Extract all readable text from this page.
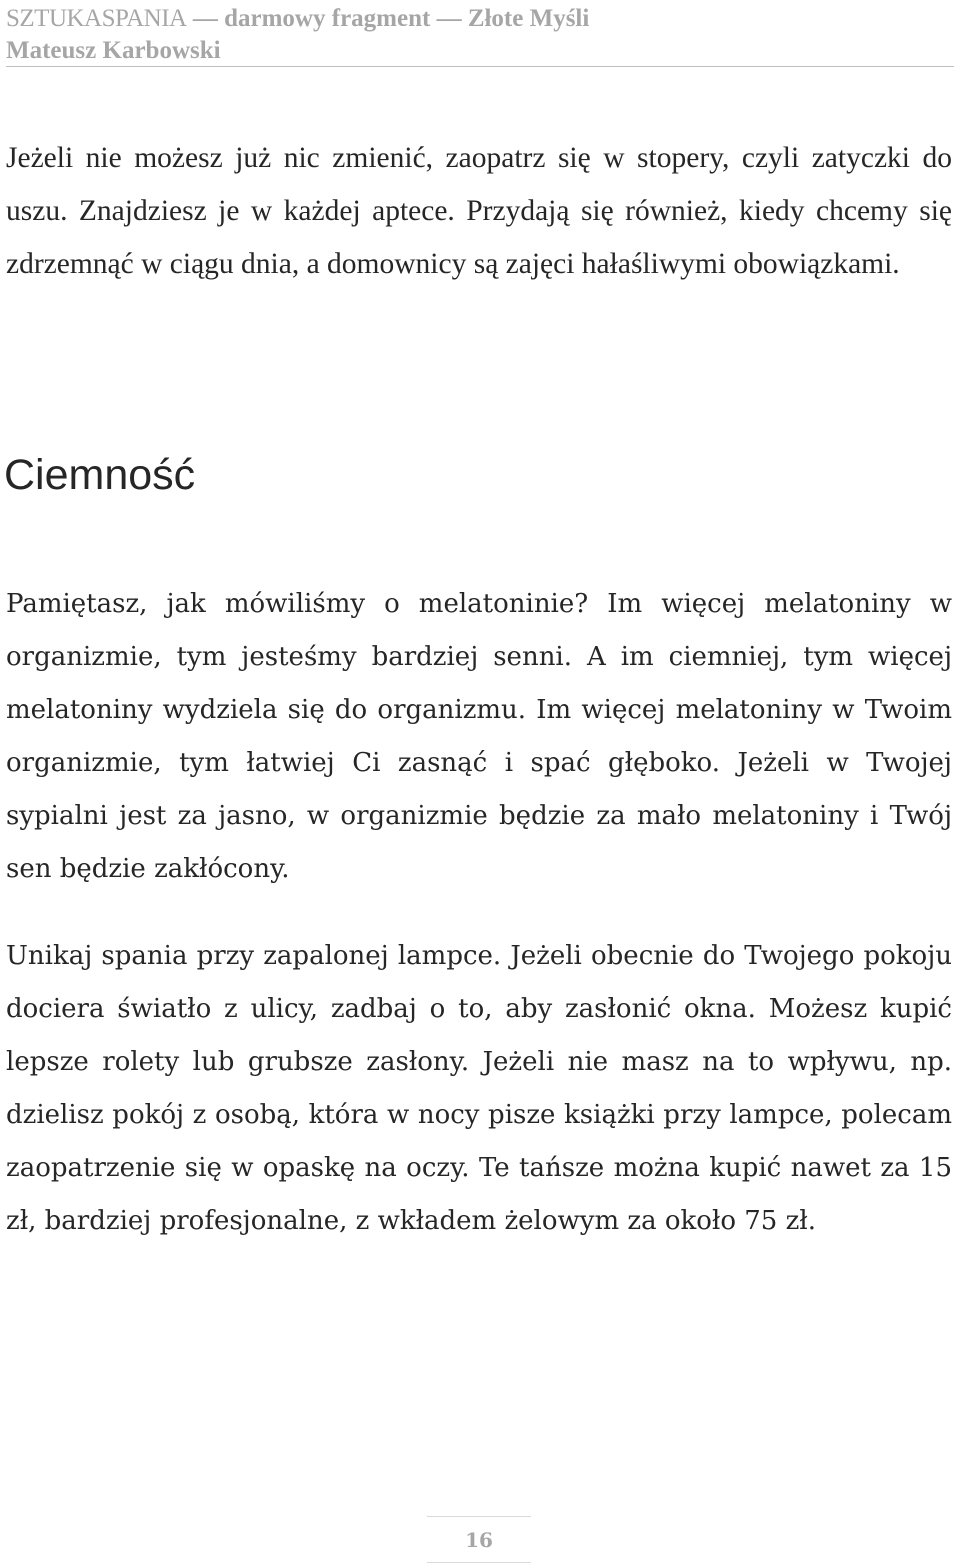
SZTUKASPANIA — darmowy fragment — Złote Myśli
Mateusz Karbowski

Jeżeli nie możesz już nic zmienić, zaopatrz się w stopery, czyli zatyczki do uszu. Znajdziesz je w każdej aptece. Przydają się również, kiedy chcemy się zdrzemnąć w ciągu dnia, a domownicy są zajęci hałaśliwymi obowiązkami.

Ciemność

Pamiętasz, jak mówiliśmy o melatoninie? Im więcej melatoniny w organizmie, tym jesteśmy bardziej senni. A im ciemniej, tym więcej melatoniny wydziela się do organizmu. Im więcej melatoniny w Twoim organizmie, tym łatwiej Ci zasnąć i spać głęboko. Jeżeli w Twojej sypialni jest za jasno, w organizmie będzie za mało melatoniny i Twój sen będzie zakłócony.

Unikaj spania przy zapalonej lampce. Jeżeli obecnie do Twojego pokoju dociera światło z ulicy, zadbaj o to, aby zasłonić okna. Możesz kupić lepsze rolety lub grubsze zasłony. Jeżeli nie masz na to wpływu, np. dzielisz pokój z osobą, która w nocy pisze książki przy lampce, polecam zaopatrzenie się w opaskę na oczy. Te tańsze można kupić nawet za 15 zł, bardziej profesjonalne, z wkładem żelowym za około 75 zł.

16
